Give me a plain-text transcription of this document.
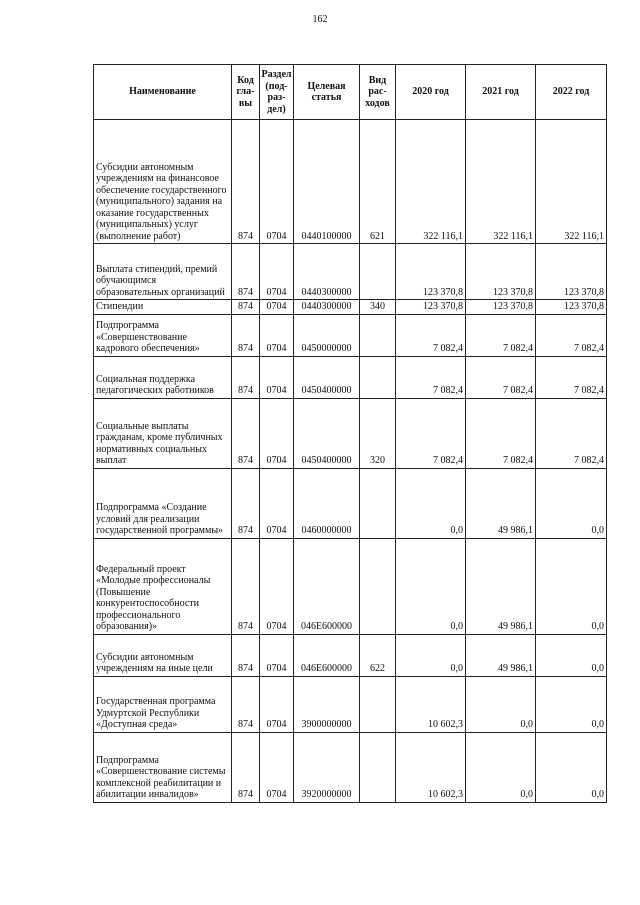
162
Наименование	Код гла- вы	Раздел (под- раз- дел)	Целевая статья	Вид рас- ходов	2020 год	2021 год	2022 год
Субсидии автономным учреждениям на финансовое обеспечение государственного (муниципального) задания на оказание государственных (муниципальных) услуг (выполнение работ)	874	0704	0440100000	621	322 116,1	322 116,1	322 116,1
Выплата стипендий, премий обучающимся образовательных организаций	874	0704	0440300000		123 370,8	123 370,8	123 370,8
Стипендии	874	0704	0440300000	340	123 370,8	123 370,8	123 370,8
Подпрограмма «Совершенствование кадрового обеспечения»	874	0704	0450000000		7 082,4	7 082,4	7 082,4
Социальная поддержка педагогических работников	874	0704	0450400000		7 082,4	7 082,4	7 082,4
Социальные выплаты гражданам, кроме публичных нормативных социальных выплат	874	0704	0450400000	320	7 082,4	7 082,4	7 082,4
Подпрограмма «Создание условий для реализации государственной программы»	874	0704	0460000000		0,0	49 986,1	0,0
Федеральный проект «Молодые профессионалы (Повышение конкурентоспособности профессионального образования)»	874	0704	046E600000		0,0	49 986,1	0,0
Субсидии автономным учреждениям на иные цели	874	0704	046E600000	622	0,0	49 986,1	0,0
Государственная программа Удмуртской Республики «Доступная среда»	874	0704	3900000000		10 602,3	0,0	0,0
Подпрограмма «Совершенствование системы комплексной реабилитации и абилитации инвалидов»	874	0704	3920000000		10 602,3	0,0	0,0
